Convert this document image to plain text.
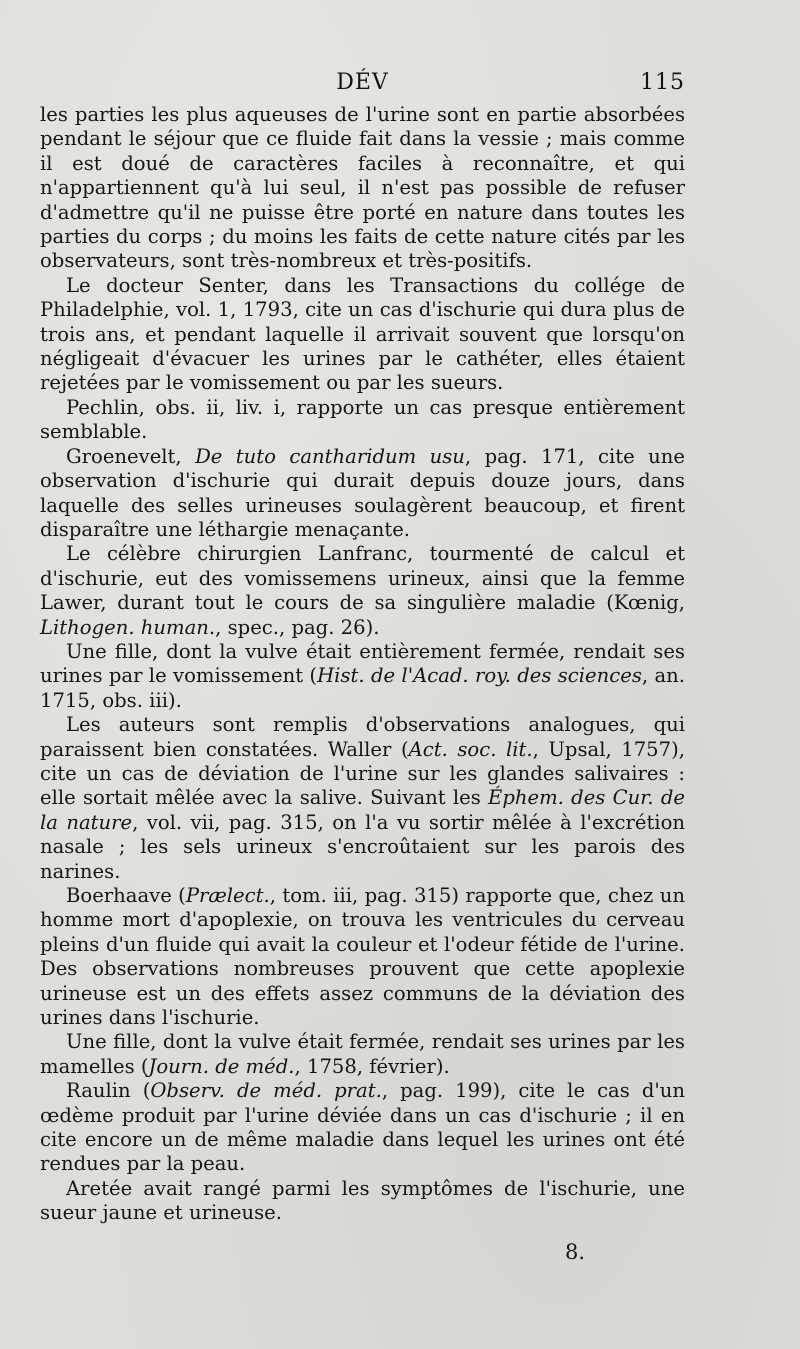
DÉV	115

les parties les plus aqueuses de l'urine sont en partie absorbées pendant le séjour que ce fluide fait dans la vessie ; mais comme il est doué de caractères faciles à reconnaître, et qui n'appartiennent qu'à lui seul, il n'est pas possible de refuser d'admettre qu'il ne puisse être porté en nature dans toutes les parties du corps ; du moins les faits de cette nature cités par les observateurs, sont très-nombreux et très-positifs.

Le docteur Senter, dans les Transactions du collége de Philadelphie, vol. 1, 1793, cite un cas d'ischurie qui dura plus de trois ans, et pendant laquelle il arrivait souvent que lorsqu'on négligeait d'évacuer les urines par le cathéter, elles étaient rejetées par le vomissement ou par les sueurs.

Pechlin, obs. ii, liv. i, rapporte un cas presque entièrement semblable.

Groenevelt, De tuto cantharidum usu, pag. 171, cite une observation d'ischurie qui durait depuis douze jours, dans laquelle des selles urineuses soulagèrent beaucoup, et firent disparaître une léthargie menaçante.

Le célèbre chirurgien Lanfranc, tourmenté de calcul et d'ischurie, eut des vomissemens urineux, ainsi que la femme Lawer, durant tout le cours de sa singulière maladie (Kœnig, Lithogen. human., spec., pag. 26).

Une fille, dont la vulve était entièrement fermée, rendait ses urines par le vomissement (Hist. de l'Acad. roy. des sciences, an. 1715, obs. iii).

Les auteurs sont remplis d'observations analogues, qui paraissent bien constatées. Waller (Act. soc. lit., Upsal, 1757), cite un cas de déviation de l'urine sur les glandes salivaires : elle sortait mêlée avec la salive. Suivant les Éphem. des Cur. de la nature, vol. vii, pag. 315, on l'a vu sortir mêlée à l'excrétion nasale ; les sels urineux s'encroûtaient sur les parois des narines.

Boerhaave (Prælect., tom. iii, pag. 315) rapporte que, chez un homme mort d'apoplexie, on trouva les ventricules du cerveau pleins d'un fluide qui avait la couleur et l'odeur fétide de l'urine. Des observations nombreuses prouvent que cette apoplexie urineuse est un des effets assez communs de la déviation des urines dans l'ischurie.

Une fille, dont la vulve était fermée, rendait ses urines par les mamelles (Journ. de méd., 1758, février).

Raulin (Observ. de méd. prat., pag. 199), cite le cas d'un œdème produit par l'urine déviée dans un cas d'ischurie ; il en cite encore un de même maladie dans lequel les urines ont été rendues par la peau.

Aretée avait rangé parmi les symptômes de l'ischurie, une sueur jaune et urineuse.

8.
